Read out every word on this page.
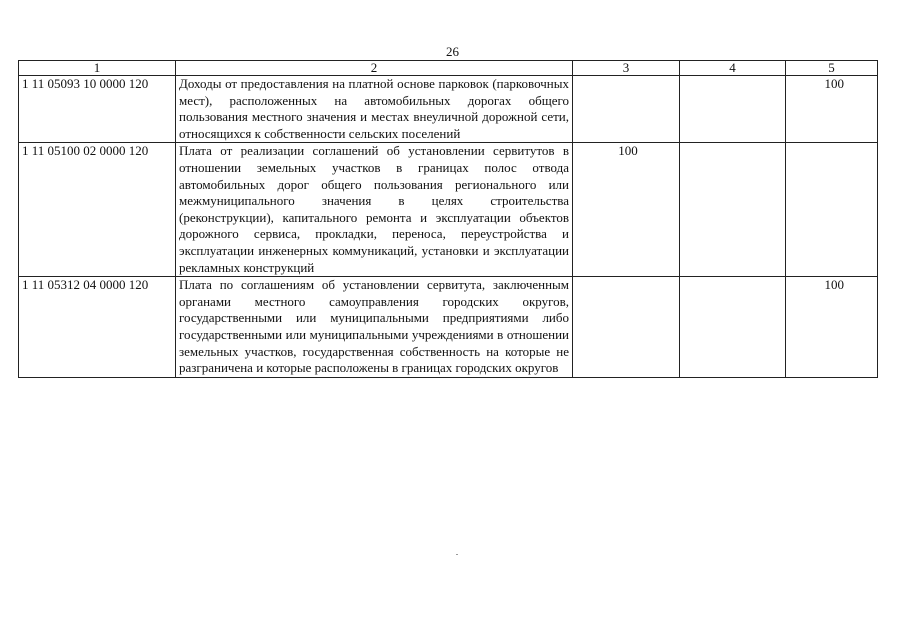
26
1	2	3	4	5
1 11 05093 10 0000 120	Доходы от предоставления на платной основе парковок (парковочных мест), расположенных на автомобильных дорогах общего пользования местного значения и местах внеуличной дорожной сети, относящихся к собственности сельских поселений			100

1 11 05100 02 0000 120	Плата от реализации соглашений об установлении сервитутов в отношении земельных участков в границах полос отвода автомобильных дорог общего пользования регионального или межмуниципального значения в целях строительства (реконструкции), капитального ремонта и эксплуатации объектов дорожного сервиса, прокладки, переноса, переустройства и эксплуатации инженерных коммуникаций, установки и эксплуатации рекламных конструкций	100		

1 11 05312 04 0000 120	Плата по соглашениям об установлении сервитута, заключенным органами местного самоуправления городских округов, государственными или муниципальными предприятиями либо государственными или муниципальными учреждениями в отношении земельных участков, государственная собственность на которые не разграничена и которые расположены в границах городских округов			100
